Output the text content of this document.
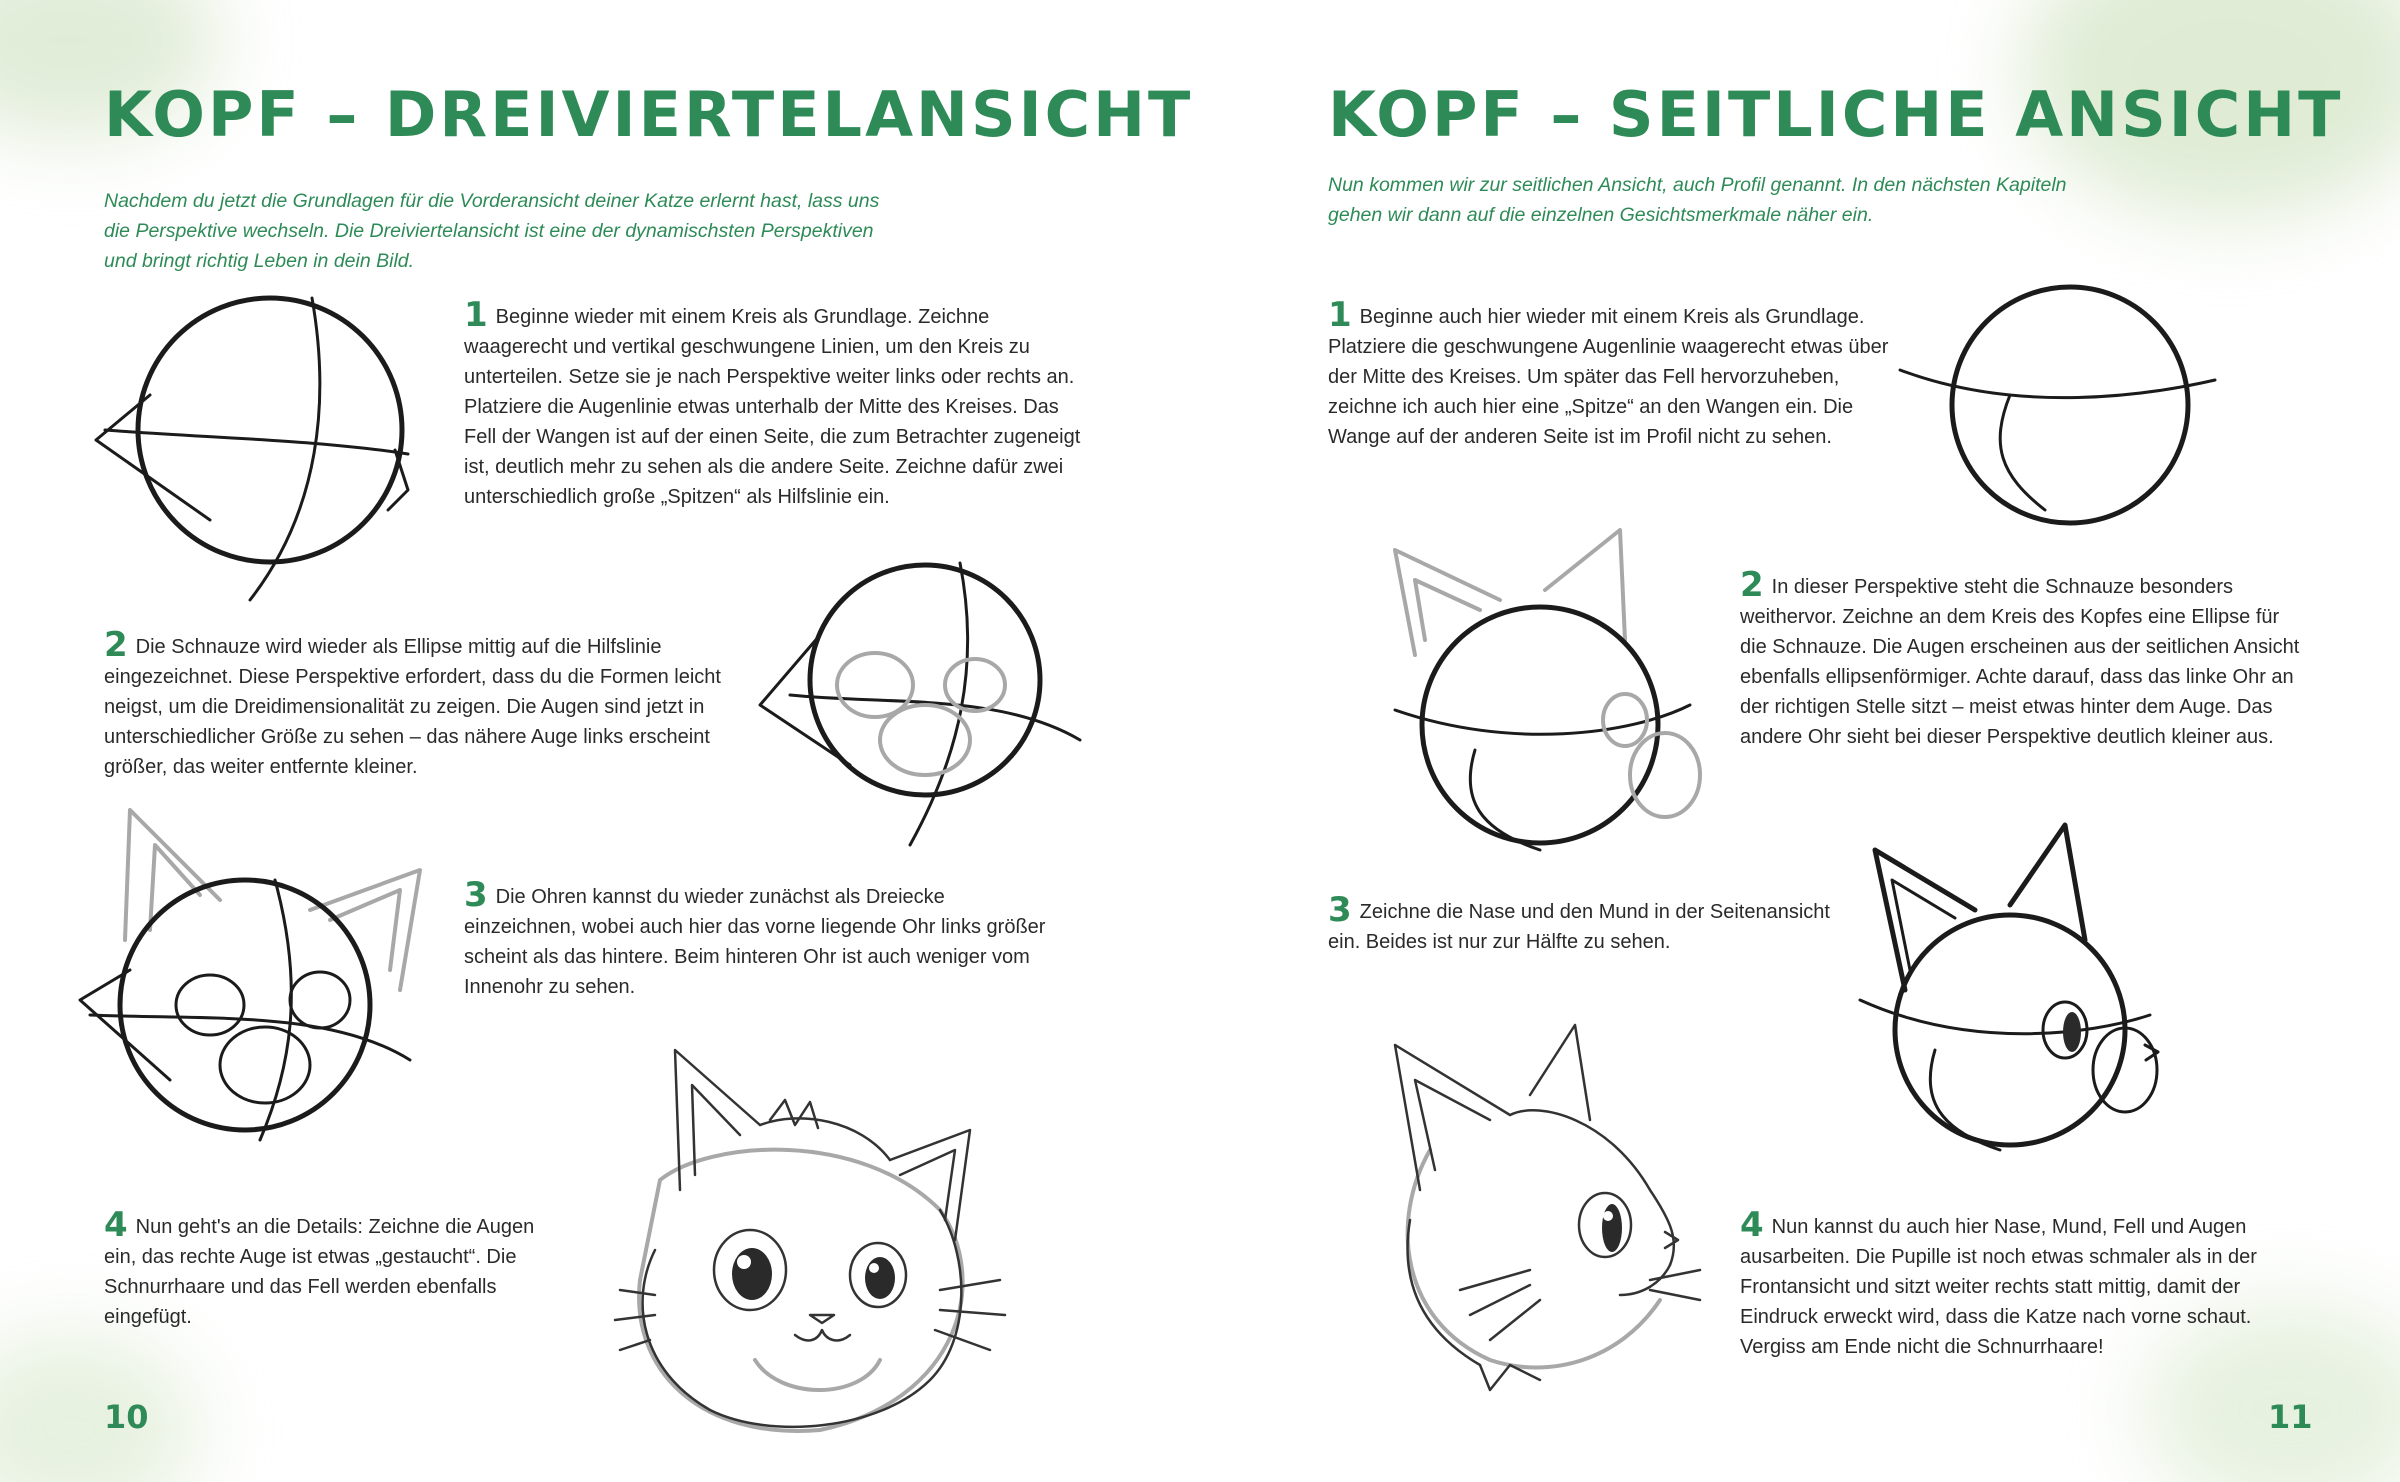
KOPF – DREIVIERTELANSICHT

Nachdem du jetzt die Grundlagen für die Vorderansicht deiner Katze erlernt hast, lass uns die Perspektive wechseln. Die Dreiviertelansicht ist eine der dynamischsten Perspektiven und bringt richtig Leben in dein Bild.

1 Beginne wieder mit einem Kreis als Grundlage. Zeichne waagerecht und vertikal geschwungene Linien, um den Kreis zu unterteilen. Setze sie je nach Perspektive weiter links oder rechts an. Platziere die Augenlinie etwas unterhalb der Mitte des Kreises. Das Fell der Wangen ist auf der einen Seite, die zum Betrachter zugeneigt ist, deutlich mehr zu sehen als die andere Seite. Zeichne dafür zwei unterschiedlich große „Spitzen“ als Hilfslinie ein.

2 Die Schnauze wird wieder als Ellipse mittig auf die Hilfslinie eingezeichnet. Diese Perspektive erfordert, dass du die Formen leicht neigst, um die Dreidimensionalität zu zeigen. Die Augen sind jetzt in unterschiedlicher Größe zu sehen – das nähere Auge links erscheint größer, das weiter entfernte kleiner.

3 Die Ohren kannst du wieder zunächst als Dreiecke einzeichnen, wobei auch hier das vorne liegende Ohr links größer scheint als das hintere. Beim hinteren Ohr ist auch weniger vom Innenohr zu sehen.

4 Nun geht's an die Details: Zeichne die Augen ein, das rechte Auge ist etwas „gestaucht“. Die Schnurrhaare und das Fell werden ebenfalls eingefügt.

10

KOPF – SEITLICHE ANSICHT

Nun kommen wir zur seitlichen Ansicht, auch Profil genannt. In den nächsten Kapiteln gehen wir dann auf die einzelnen Gesichtsmerkmale näher ein.

1 Beginne auch hier wieder mit einem Kreis als Grundlage. Platziere die geschwungene Augenlinie waagerecht etwas über der Mitte des Kreises. Um später das Fell hervorzuheben, zeichne ich auch hier eine „Spitze“ an den Wangen ein. Die Wange auf der anderen Seite ist im Profil nicht zu sehen.

2 In dieser Perspektive steht die Schnauze besonders weithervor. Zeichne an dem Kreis des Kopfes eine Ellipse für die Schnauze. Die Augen erscheinen aus der seitlichen Ansicht ebenfalls ellipsenförmiger. Achte darauf, dass das linke Ohr an der richtigen Stelle sitzt – meist etwas hinter dem Auge. Das andere Ohr sieht bei dieser Perspektive deutlich kleiner aus.

3 Zeichne die Nase und den Mund in der Seitenansicht ein. Beides ist nur zur Hälfte zu sehen.

4 Nun kannst du auch hier Nase, Mund, Fell und Augen ausarbeiten. Die Pupille ist noch etwas schmaler als in der Frontansicht und sitzt weiter rechts statt mittig, damit der Eindruck erweckt wird, dass die Katze nach vorne schaut. Vergiss am Ende nicht die Schnurrhaare!

11
